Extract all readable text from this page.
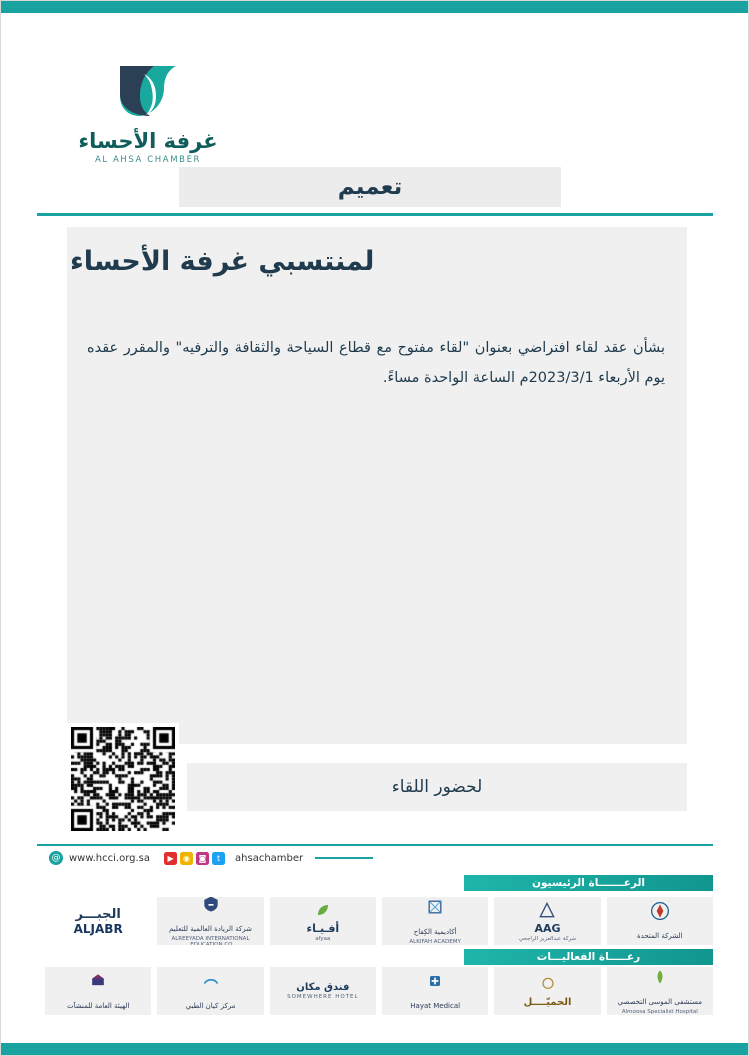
غرفة الأحساء
AL AHSA CHAMBER
تعميم
لمنتسبي غرفة الأحساء
بشأن عقد لقاء افتراضي بعنوان "لقاء مفتوح مع قطاع السياحة والثقافة والترفيه" والمقرر عقده يوم الأربعاء 2023/3/1م الساعة الواحدة مساءً.
لحضور اللقاء
@ www.hcci.org.sa	▶	◉	◙	t	ahsachamber
الرعـــــــاة الرئيسيون
الشركة المتحدة
AAG
شركة عبدالعزيز الراجحي
أكاديمية الكِفاح
ALKIFAH ACADEMY
أفـيـاء
afyaa
شركة الريادة العالمية للتعليم
ALREEYADA INTERNATIONAL EDUCATION CO.
الجبـــر
ALJABR
رعـــــاة الفعاليـــات
مستشفى الموسى التخصصي
Almoosa Specialist Hospital
الحميّــــل
Hayat Medical
فندق مكان
SOMEWHERE HOTEL
مركز كيان الطبي
الهيئة العامة للمنشآت
